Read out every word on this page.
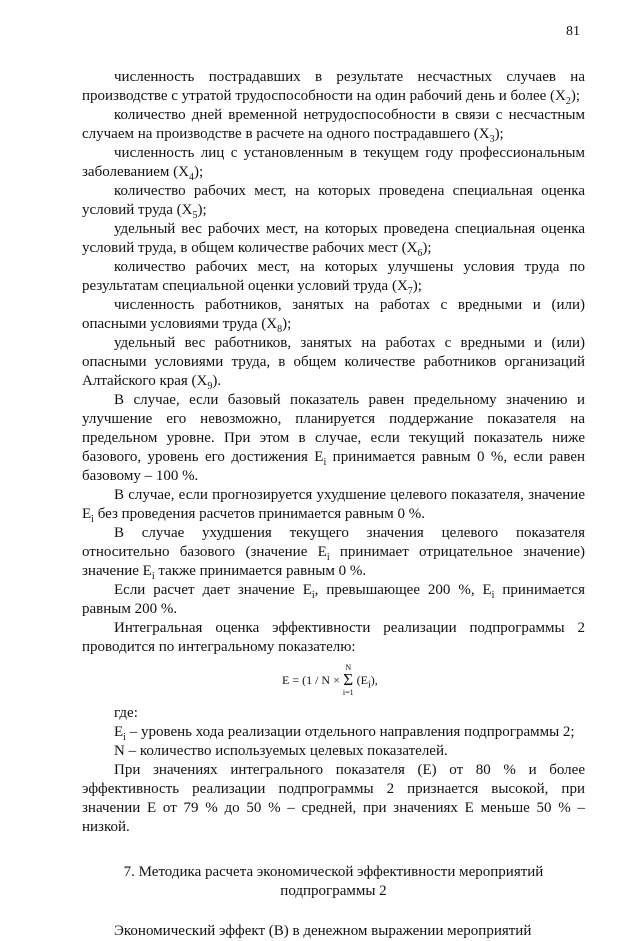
81

численность пострадавших в результате несчастных случаев на производстве с утратой трудоспособности на один рабочий день и более $(X_2)$;

количество дней временной нетрудоспособности в связи с несчастным случаем на производстве в расчете на одного пострадавшего $(X_3)$;

численность лиц с установленным в текущем году профессиональным заболеванием $(X_4)$;

количество рабочих мест, на которых проведена специальная оценка условий труда $(X_5)$;

удельный вес рабочих мест, на которых проведена специальная оценка условий труда, в общем количестве рабочих мест $(X_6)$;

количество рабочих мест, на которых улучшены условия труда по результатам специальной оценки условий труда $(X_7)$;

численность работников, занятых на работах с вредными и (или) опасными условиями труда $(X_8)$;

удельный вес работников, занятых на работах с вредными и (или) опасными условиями труда, в общем количестве работников организаций Алтайского края $(X_9)$.

В случае, если базовый показатель равен предельному значению и улучшение его невозможно, планируется поддержание показателя на предельном уровне. При этом в случае, если текущий показатель ниже базового, уровень его достижения $E_i$ принимается равным 0 %, если равен базовому – 100 %.

В случае, если прогнозируется ухудшение целевого показателя, значение $E_i$ без проведения расчетов принимается равным 0 %.

В случае ухудшения текущего значения целевого показателя относительно базового (значение $E_i$ принимает отрицательное значение) значение $E_i$ также принимается равным 0 %.

Если расчет дает значение $E_i$, превышающее 200 %, $E_i$ принимается равным 200 %.

Интегральная оценка эффективности реализации подпрограммы 2 проводится по интегральному показателю:

E = (1 / N ×
N
Σ
i=1
$(E_i)$,

где:

$E_i$ – уровень хода реализации отдельного направления подпрограммы 2;

N – количество используемых целевых показателей.

При значениях интегрального показателя (E) от 80 % и более эффективность реализации подпрограммы 2 признается высокой, при значении E от 79 % до 50 % – средней, при значениях E меньше 50 % – низкой.

7. Методика расчета экономической эффективности мероприятий
подпрограммы 2

Экономический эффект (В) в денежном выражении мероприятий
